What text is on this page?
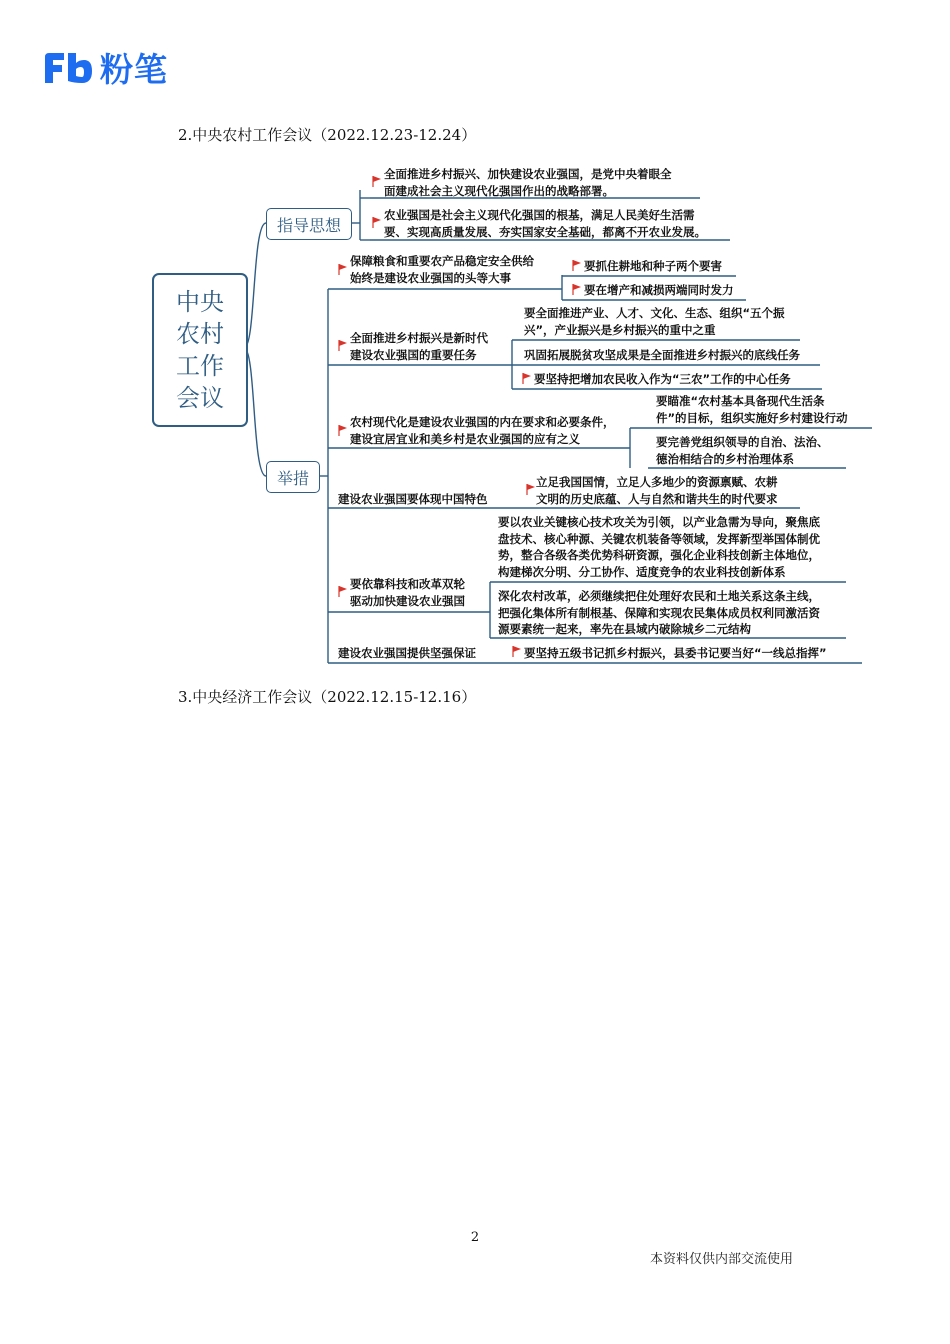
粉笔
2.中央农村工作会议（2022.12.23-12.24）
中央
农村
工作
会议
指导思想
举措
全面推进乡村振兴、加快建设农业强国，是党中央着眼全
面建成社会主义现代化强国作出的战略部署。
农业强国是社会主义现代化强国的根基，满足人民美好生活需
要、实现高质量发展、夯实国家安全基础，都离不开农业发展。
保障粮食和重要农产品稳定安全供给
始终是建设农业强国的头等大事
要抓住耕地和种子两个要害
要在增产和减损两端同时发力
全面推进乡村振兴是新时代
建设农业强国的重要任务
要全面推进产业、人才、文化、生态、组织“五个振
兴”，产业振兴是乡村振兴的重中之重
巩固拓展脱贫攻坚成果是全面推进乡村振兴的底线任务
要坚持把增加农民收入作为“三农”工作的中心任务
农村现代化是建设农业强国的内在要求和必要条件，
建设宜居宜业和美乡村是农业强国的应有之义
要瞄准“农村基本具备现代生活条
件”的目标，组织实施好乡村建设行动
要完善党组织领导的自治、法治、
德治相结合的乡村治理体系
建设农业强国要体现中国特色
立足我国国情，立足人多地少的资源禀赋、农耕
文明的历史底蕴、人与自然和谐共生的时代要求
要依靠科技和改革双轮
驱动加快建设农业强国
要以农业关键核心技术攻关为引领，以产业急需为导向，聚焦底
盘技术、核心种源、关键农机装备等领域，发挥新型举国体制优
势，整合各级各类优势科研资源，强化企业科技创新主体地位，
构建梯次分明、分工协作、适度竞争的农业科技创新体系
深化农村改革，必须继续把住处理好农民和土地关系这条主线，
把强化集体所有制根基、保障和实现农民集体成员权利同激活资
源要素统一起来，率先在县域内破除城乡二元结构
建设农业强国提供坚强保证	要坚持五级书记抓乡村振兴，县委书记要当好“一线总指挥”
3.中央经济工作会议（2022.12.15-12.16）
2
本资料仅供内部交流使用
